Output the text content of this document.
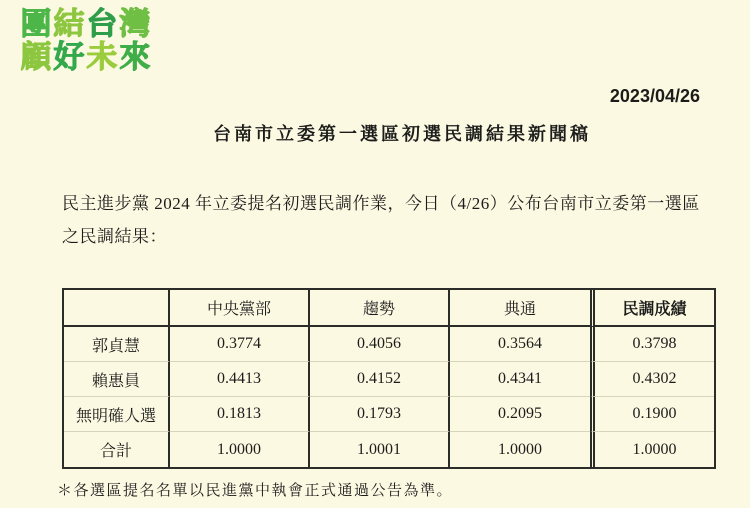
團結台灣
顧好未來
2023/04/26
台南市立委第一選區初選民調結果新聞稿
民主進步黨 2024 年立委提名初選民調作業，今日（4/26）公布台南市立委第一選區之民調結果：
	中央黨部	趨勢	典通	民調成績
郭貞慧	0.3774	0.4056	0.3564	0.3798
賴惠員	0.4413	0.4152	0.4341	0.4302
無明確人選	0.1813	0.1793	0.2095	0.1900
合計	1.0000	1.0001	1.0000	1.0000
＊各選區提名名單以民進黨中執會正式通過公告為準。
